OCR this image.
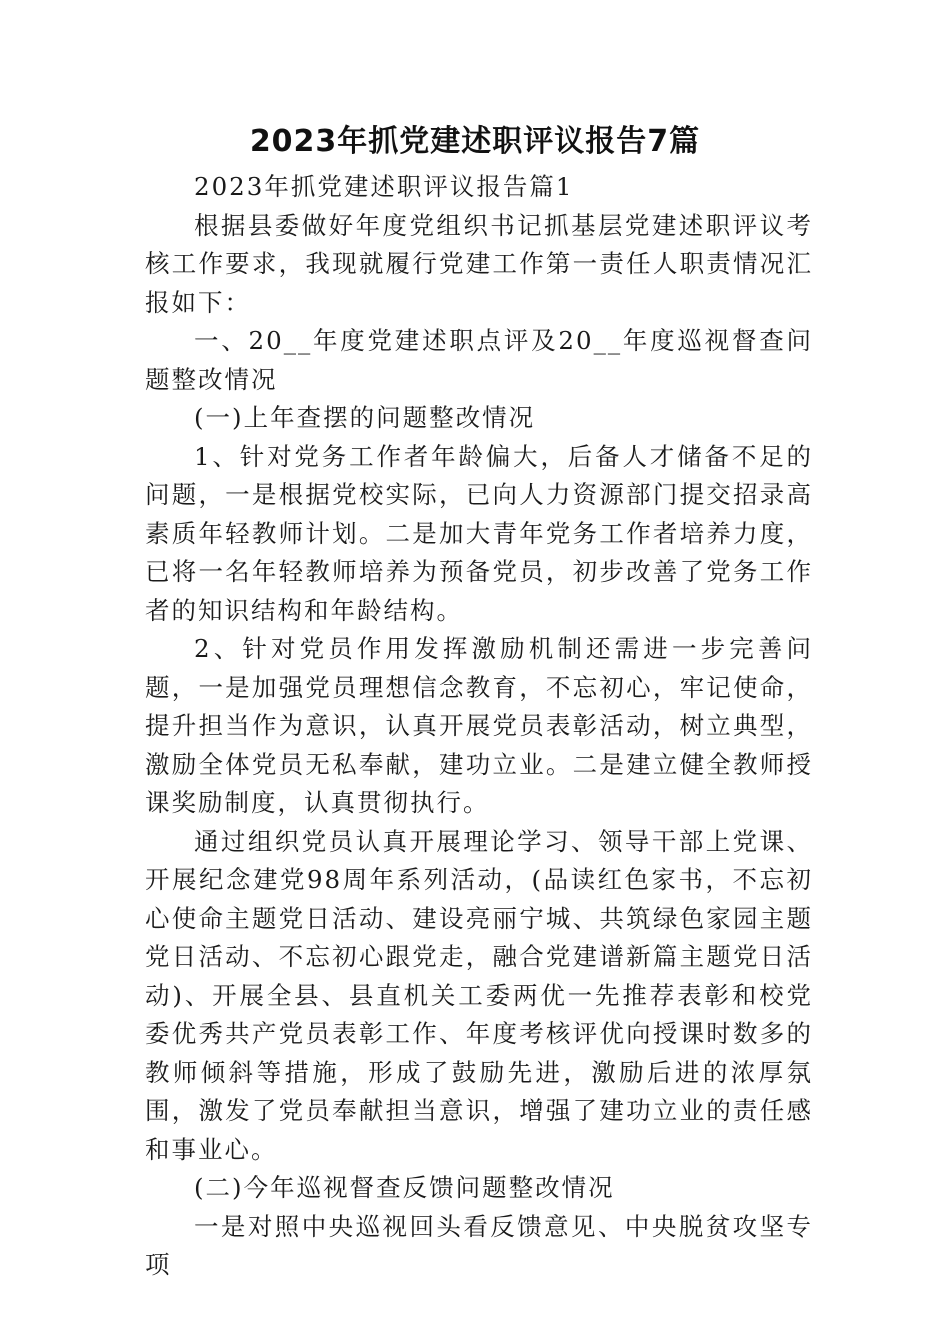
2023年抓党建述职评议报告7篇

2023年抓党建述职评议报告篇1

根据县委做好年度党组织书记抓基层党建述职评议考核工作要求，我现就履行党建工作第一责任人职责情况汇报如下：

一、20__年度党建述职点评及20__年度巡视督查问题整改情况

(一)上年查摆的问题整改情况

1、针对党务工作者年龄偏大，后备人才储备不足的问题，一是根据党校实际，已向人力资源部门提交招录高素质年轻教师计划。二是加大青年党务工作者培养力度，已将一名年轻教师培养为预备党员，初步改善了党务工作者的知识结构和年龄结构。

2、针对党员作用发挥激励机制还需进一步完善问题，一是加强党员理想信念教育，不忘初心，牢记使命，提升担当作为意识，认真开展党员表彰活动，树立典型，激励全体党员无私奉献，建功立业。二是建立健全教师授课奖励制度，认真贯彻执行。

通过组织党员认真开展理论学习、领导干部上党课、开展纪念建党98周年系列活动，(品读红色家书，不忘初心使命主题党日活动、建设亮丽宁城、共筑绿色家园主题党日活动、不忘初心跟党走，融合党建谱新篇主题党日活动)、开展全县、县直机关工委两优一先推荐表彰和校党委优秀共产党员表彰工作、年度考核评优向授课时数多的教师倾斜等措施，形成了鼓励先进，激励后进的浓厚氛围，激发了党员奉献担当意识，增强了建功立业的责任感和事业心。

(二)今年巡视督查反馈问题整改情况

一是对照中央巡视回头看反馈意见、中央脱贫攻坚专项
